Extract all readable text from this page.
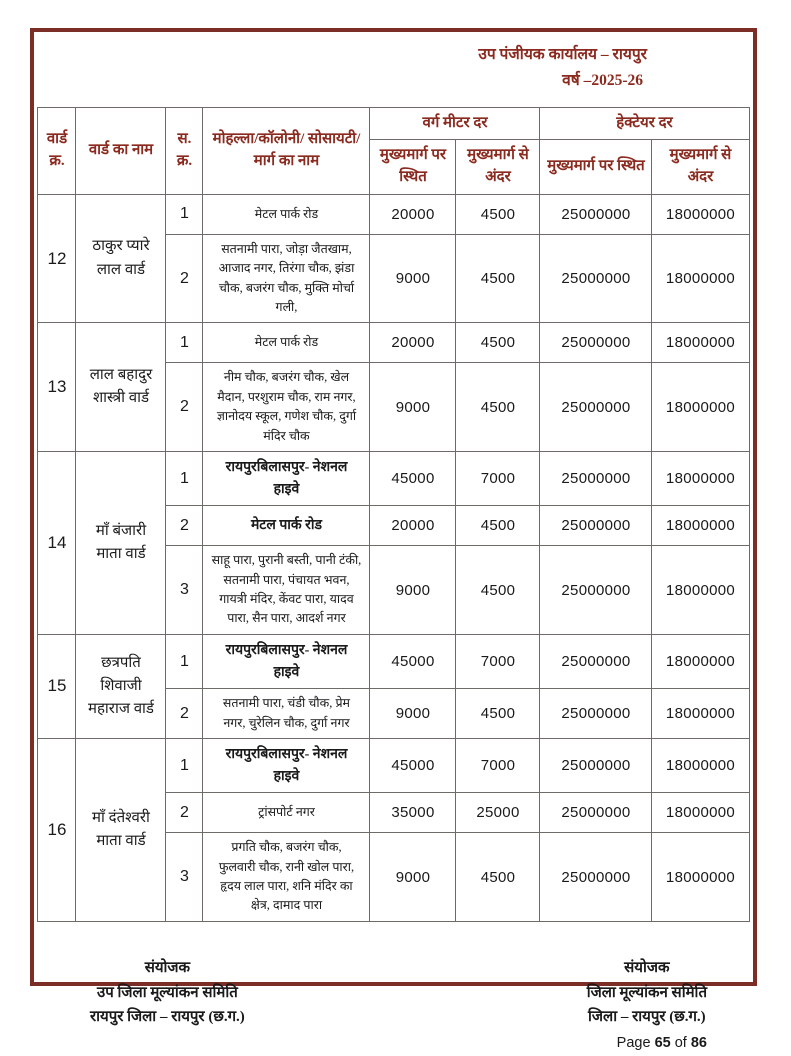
उप पंजीयक कार्यालय – रायपुर
वर्ष –2025-26
वार्ड क्र.	वार्ड का नाम	स. क्र.	मोहल्ला/कॉलोनी/ सोसायटी/मार्ग का नाम	वर्ग मीटर दर		हेक्टेयर दर	
				मुख्यमार्ग पर स्थित	मुख्यमार्ग से अंदर	मुख्यमार्ग पर स्थित	मुख्यमार्ग से अंदर
12	ठाकुर प्यारे लाल वार्ड	1	मेटल पार्क रोड	20000	4500	25000000	18000000
		2	सतनामी पारा, जोड़ा जैतखाम, आजाद नगर, तिरंगा चौक, झंडा चौक, बजरंग चौक, मुक्ति मोर्चा गली,	9000	4500	25000000	18000000
13	लाल बहादुर शास्त्री वार्ड	1	मेटल पार्क रोड	20000	4500	25000000	18000000
		2	नीम चौक, बजरंग चौक, खेल मैदान, परशुराम चौक, राम नगर, ज्ञानोदय स्कूल, गणेश चौक, दुर्गा मंदिर चौक	9000	4500	25000000	18000000
14	माँ बंजारी माता वार्ड	1	रायपुरबिलासपुर- नेशनल हाइवे	45000	7000	25000000	18000000
		2	मेटल पार्क रोड	20000	4500	25000000	18000000
		3	साहू पारा, पुरानी बस्ती, पानी टंकी, सतनामी पारा, पंचायत भवन, गायत्री मंदिर, केंवट पारा, यादव पारा, सैन पारा, आदर्श नगर	9000	4500	25000000	18000000
15	छत्रपति शिवाजी महाराज वार्ड	1	रायपुरबिलासपुर- नेशनल हाइवे	45000	7000	25000000	18000000
		2	सतनामी पारा, चंडी चौक, प्रेम नगर, चुरेलिन चौक, दुर्गा नगर	9000	4500	25000000	18000000
16	माँ दंतेश्वरी माता वार्ड	1	रायपुरबिलासपुर- नेशनल हाइवे	45000	7000	25000000	18000000
		2	ट्रांसपोर्ट नगर	35000	25000	25000000	18000000
		3	प्रगति चौक, बजरंग चौक, फुलवारी चौक, रानी खोल पारा, हृदय लाल पारा, शनि मंदिर का क्षेत्र, दामाद पारा	9000	4500	25000000	18000000
संयोजक
उप जिला मूल्यांकन समिति
रायपुर जिला – रायपुर (छ.ग.)
संयोजक
जिला मूल्यांकन समिति
जिला – रायपुर (छ.ग.)
Page 65 of 86
